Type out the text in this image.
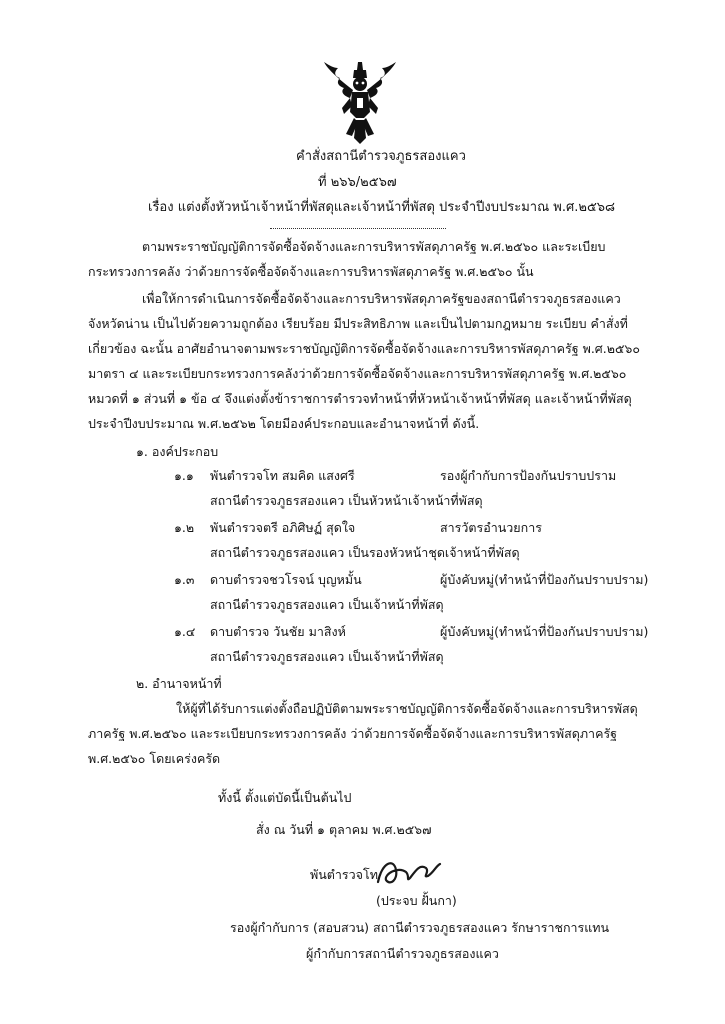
คำสั่งสถานีตำรวจภูธรสองแคว
ที่ ๒๖๖/๒๕๖๗
เรื่อง แต่งตั้งหัวหน้าเจ้าหน้าที่พัสดุและเจ้าหน้าที่พัสดุ ประจำปีงบประมาณ พ.ศ.๒๕๖๘
ตามพระราชบัญญัติการจัดซื้อจัดจ้างและการบริหารพัสดุภาครัฐ พ.ศ.๒๕๖๐ และระเบียบ
กระทรวงการคลัง ว่าด้วยการจัดซื้อจัดจ้างและการบริหารพัสดุภาครัฐ พ.ศ.๒๕๖๐ นั้น
เพื่อให้การดำเนินการจัดซื้อจัดจ้างและการบริหารพัสดุภาครัฐของสถานีตำรวจภูธรสองแคว
จังหวัดน่าน เป็นไปด้วยความถูกต้อง เรียบร้อย มีประสิทธิภาพ และเป็นไปตามกฎหมาย ระเบียบ คำสั่งที่
เกี่ยวข้อง ฉะนั้น อาศัยอำนาจตามพระราชบัญญัติการจัดซื้อจัดจ้างและการบริหารพัสดุภาครัฐ พ.ศ.๒๕๖๐
มาตรา ๔ และระเบียบกระทรวงการคลังว่าด้วยการจัดซื้อจัดจ้างและการบริหารพัสดุภาครัฐ พ.ศ.๒๕๖๐
หมวดที่ ๑ ส่วนที่ ๑ ข้อ ๔ จึงแต่งตั้งข้าราชการตำรวจทำหน้าที่หัวหน้าเจ้าหน้าที่พัสดุ และเจ้าหน้าที่พัสดุ
ประจำปีงบประมาณ พ.ศ.๒๕๖๒ โดยมีองค์ประกอบและอำนาจหน้าที่ ดังนี้.
๑. องค์ประกอบ
๑.๑ พันตำรวจโท สมคิด แสงศรี	รองผู้กำกับการป้องกันปราบปราม
สถานีตำรวจภูธรสองแคว เป็นหัวหน้าเจ้าหน้าที่พัสดุ
๑.๒ พันตำรวจตรี อภิศิษฏ์ สุดใจ	สารวัตรอำนวยการ
สถานีตำรวจภูธรสองแคว เป็นรองหัวหน้าชุดเจ้าหน้าที่พัสดุ
๑.๓ ดาบตำรวจชวโรจน์ บุญหมั้น	ผู้บังคับหมู่(ทำหน้าที่ป้องกันปราบปราม)
สถานีตำรวจภูธรสองแคว เป็นเจ้าหน้าที่พัสดุ
๑.๔ ดาบตำรวจ วันชัย มาสิงห์	ผู้บังคับหมู่(ทำหน้าที่ป้องกันปราบปราม)
สถานีตำรวจภูธรสองแคว เป็นเจ้าหน้าที่พัสดุ
๒. อำนาจหน้าที่
ให้ผู้ที่ได้รับการแต่งตั้งถือปฏิบัติตามพระราชบัญญัติการจัดซื้อจัดจ้างและการบริหารพัสดุ
ภาครัฐ พ.ศ.๒๕๖๐ และระเบียบกระทรวงการคลัง ว่าด้วยการจัดซื้อจัดจ้างและการบริหารพัสดุภาครัฐ
พ.ศ.๒๕๖๐ โดยเคร่งครัด
ทั้งนี้ ตั้งแต่บัดนี้เป็นต้นไป
สั่ง ณ วันที่ ๑ ตุลาคม พ.ศ.๒๕๖๗
พันตำรวจโท
(ประจบ ฝั้นกา)
รองผู้กำกับการ (สอบสวน) สถานีตำรวจภูธรสองแคว รักษาราชการแทน
ผู้กำกับการสถานีตำรวจภูธรสองแคว
